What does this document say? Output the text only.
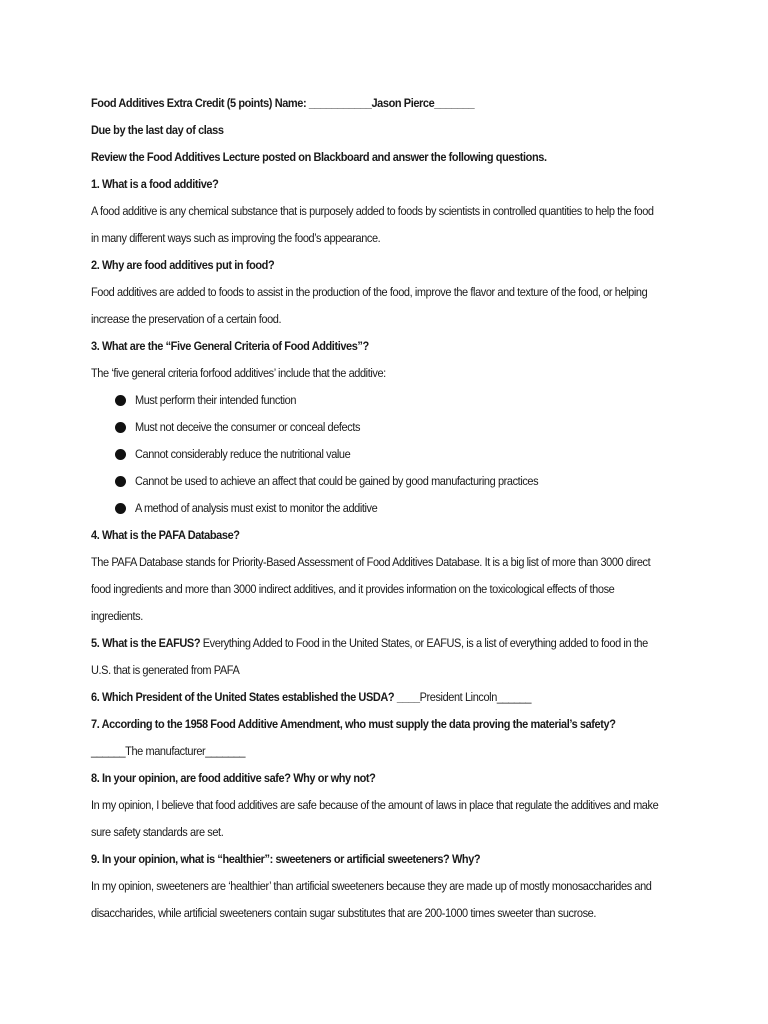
Food Additives Extra Credit (5 points) Name: ___________Jason Pierce_______
Due by the last day of class
Review the Food Additives Lecture posted on Blackboard and answer the following questions.
1. What is a food additive?
A food additive is any chemical substance that is purposely added to foods by scientists in controlled quantities to help the food
in many different ways such as improving the food’s appearance.
2. Why are food additives put in food?
Food additives are added to foods to assist in the production of the food, improve the flavor and texture of the food, or helping
increase the preservation of a certain food.
3. What are the “Five General Criteria of Food Additives”?
The ‘five general criteria forfood additives’ include that the additive:
Must perform their intended function
Must not deceive the consumer or conceal defects
Cannot considerably reduce the nutritional value
Cannot be used to achieve an affect that could be gained by good manufacturing practices
A method of analysis must exist to monitor the additive
4. What is the PAFA Database?
The PAFA Database stands for Priority-Based Assessment of Food Additives Database. It is a big list of more than 3000 direct
food ingredients and more than 3000 indirect additives, and it provides information on the toxicological effects of those
ingredients.
5. What is the EAFUS? Everything Added to Food in the United States, or EAFUS, is a list of everything added to food in the
U.S. that is generated from PAFA
6. Which President of the United States established the USDA? ____President Lincoln______
7. According to the 1958 Food Additive Amendment, who must supply the data proving the material’s safety?
______The manufacturer_______
8. In your opinion, are food additive safe? Why or why not?
In my opinion, I believe that food additives are safe because of the amount of laws in place that regulate the additives and make
sure safety standards are set.
9. In your opinion, what is “healthier”: sweeteners or artificial sweeteners? Why?
In my opinion, sweeteners are ‘healthier’ than artificial sweeteners because they are made up of mostly monosaccharides and
disaccharides, while artificial sweeteners contain sugar substitutes that are 200-1000 times sweeter than sucrose.
